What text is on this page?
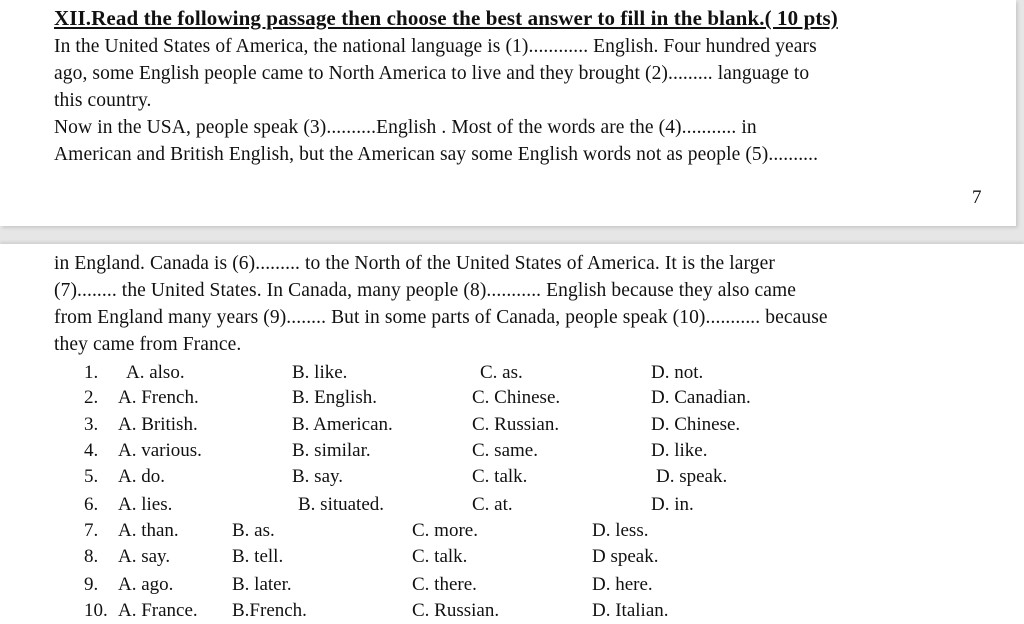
XII.Read the following passage then choose the best answer to fill in the blank.( 10 pts)
In the United States of America, the national language is (1)............ English. Four hundred years
ago, some English people came to North America to live and they brought (2)......... language to
this country.
Now in the USA, people speak (3)..........English . Most of the words are the (4)........... in
American and British English, but the American say some English words not as people (5)..........
7
in England. Canada is (6)......... to the North of the United States of America. It is the larger
(7)........ the United States. In Canada, many people (8)........... English because they also came
from England many years (9)........ But in some parts of Canada, people speak (10)........... because
they came from France.
1. A. also.	B. like.	C. as.	D. not.
2. A. French.	B. English.	C. Chinese.	D. Canadian.
3. A. British.	B. American.	C. Russian.	D. Chinese.
4. A. various.	B. similar.	C. same.	D. like.
5. A. do.	B. say.	C. talk.	D. speak.
6. A. lies.	B. situated.	C. at.	D. in.
7. A. than.	B. as.	C. more.	D. less.
8. A. say.	B. tell.	C. talk.	D speak.
9. A. ago.	B. later.	C. there.	D. here.
10. A. France. B.French.	C. Russian.	D. Italian.
